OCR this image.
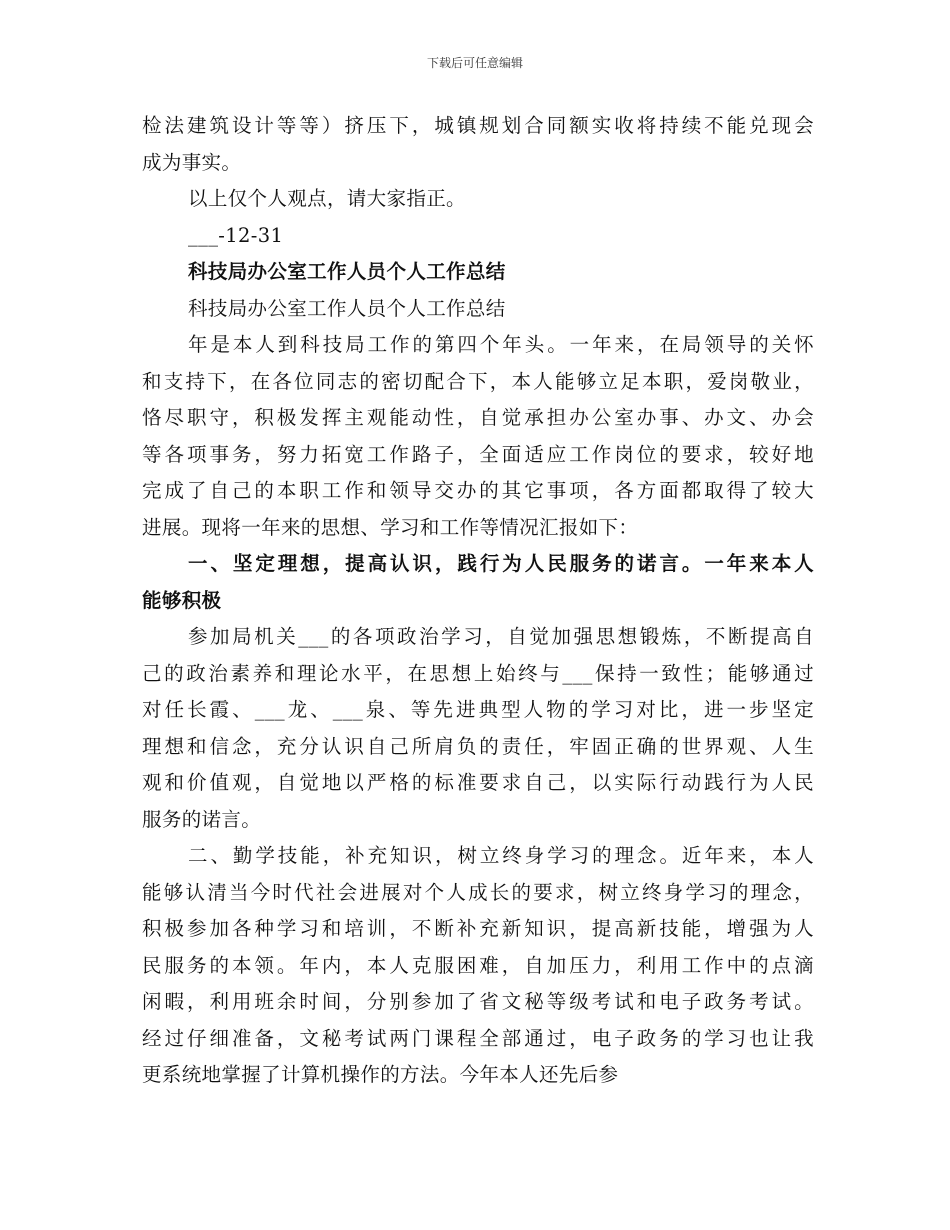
下载后可任意编辑
检法建筑设计等等）挤压下，城镇规划合同额实收将持续不能兑现会
成为事实。
以上仅个人观点，请大家指正。
___-12-31
科技局办公室工作人员个人工作总结
科技局办公室工作人员个人工作总结
年是本人到科技局工作的第四个年头。一年来，在局领导的关怀
和支持下，在各位同志的密切配合下，本人能够立足本职，爱岗敬业，
恪尽职守，积极发挥主观能动性，自觉承担办公室办事、办文、办会
等各项事务，努力拓宽工作路子，全面适应工作岗位的要求，较好地
完成了自己的本职工作和领导交办的其它事项，各方面都取得了较大
进展。现将一年来的思想、学习和工作等情况汇报如下：
一、坚定理想，提高认识，践行为人民服务的诺言。一年来本人
能够积极
参加局机关___的各项政治学习，自觉加强思想锻炼，不断提高自
己的政治素养和理论水平，在思想上始终与___保持一致性；能够通过
对任长霞、___龙、___泉、等先进典型人物的学习对比，进一步坚定
理想和信念，充分认识自己所肩负的责任，牢固正确的世界观、人生
观和价值观，自觉地以严格的标准要求自己，以实际行动践行为人民
服务的诺言。
二、勤学技能，补充知识，树立终身学习的理念。近年来，本人
能够认清当今时代社会进展对个人成长的要求，树立终身学习的理念，
积极参加各种学习和培训，不断补充新知识，提高新技能，增强为人
民服务的本领。年内，本人克服困难，自加压力，利用工作中的点滴
闲暇，利用班余时间，分别参加了省文秘等级考试和电子政务考试。
经过仔细准备，文秘考试两门课程全部通过，电子政务的学习也让我
更系统地掌握了计算机操作的方法。今年本人还先后参
